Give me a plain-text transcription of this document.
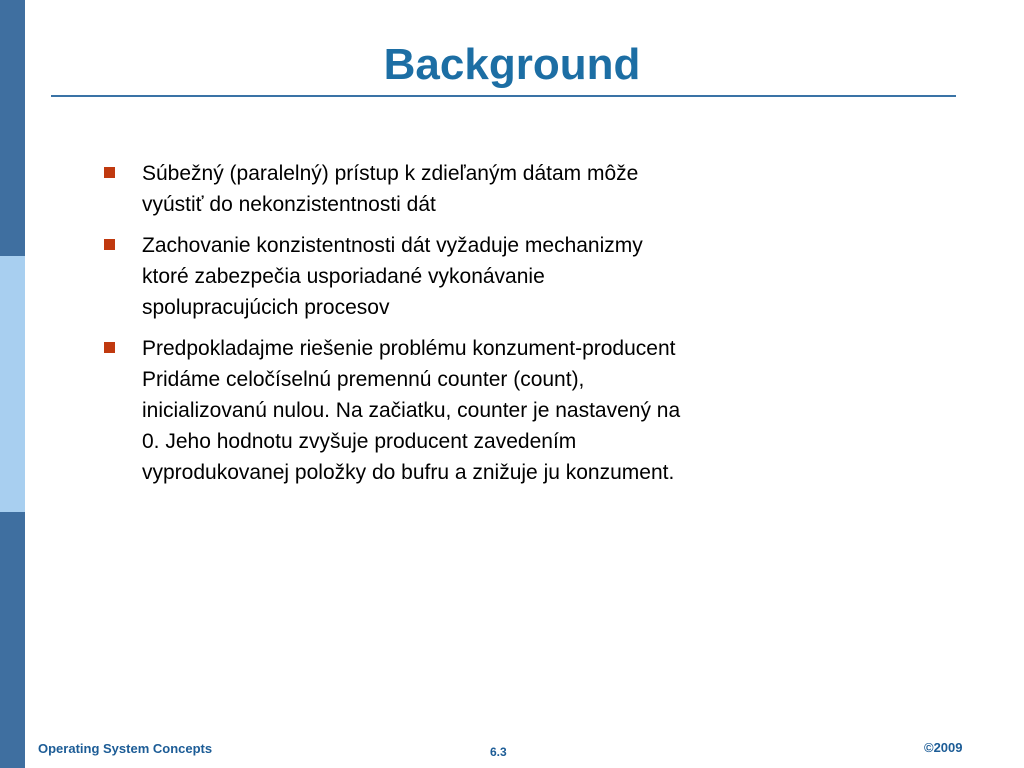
Background
Súbežný (paralelný) prístup k zdieľaným dátam môže
vyústiť do nekonzistentnosti dát
Zachovanie konzistentnosti dát vyžaduje mechanizmy
ktoré zabezpečia usporiadané vykonávanie
spolupracujúcich procesov
Predpokladajme riešenie problému konzument-producent
Pridáme celočíselnú premennú counter (count),
inicializovanú nulou. Na začiatku, counter je nastavený na
0. Jeho hodnotu zvyšuje producent zavedením
vyprodukovanej položky do bufru a znižuje ju konzument.
Operating System Concepts	6.3	©2009
